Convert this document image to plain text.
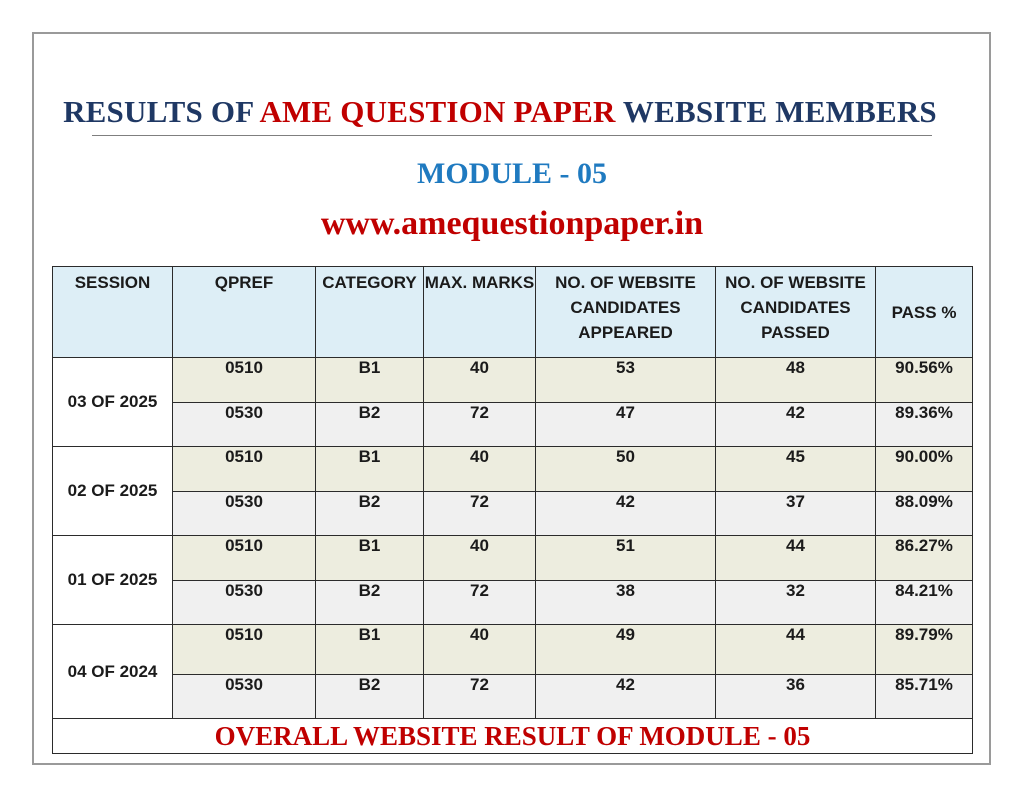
RESULTS OF AME QUESTION PAPER WEBSITE MEMBERS
MODULE - 05
www.amequestionpaper.in
SESSION	QPREF	CATEGORY	MAX. MARKS	NO. OF WEBSITE CANDIDATES APPEARED	NO. OF WEBSITE CANDIDATES PASSED	PASS %
03 OF 2025	0510	B1	40	53	48	90.56%
	0530	B2	72	47	42	89.36%
02 OF 2025	0510	B1	40	50	45	90.00%
	0530	B2	72	42	37	88.09%
01 OF 2025	0510	B1	40	51	44	86.27%
	0530	B2	72	38	32	84.21%
04 OF 2024	0510	B1	40	49	44	89.79%
	0530	B2	72	42	36	85.71%
OVERALL WEBSITE RESULT OF MODULE - 05						
